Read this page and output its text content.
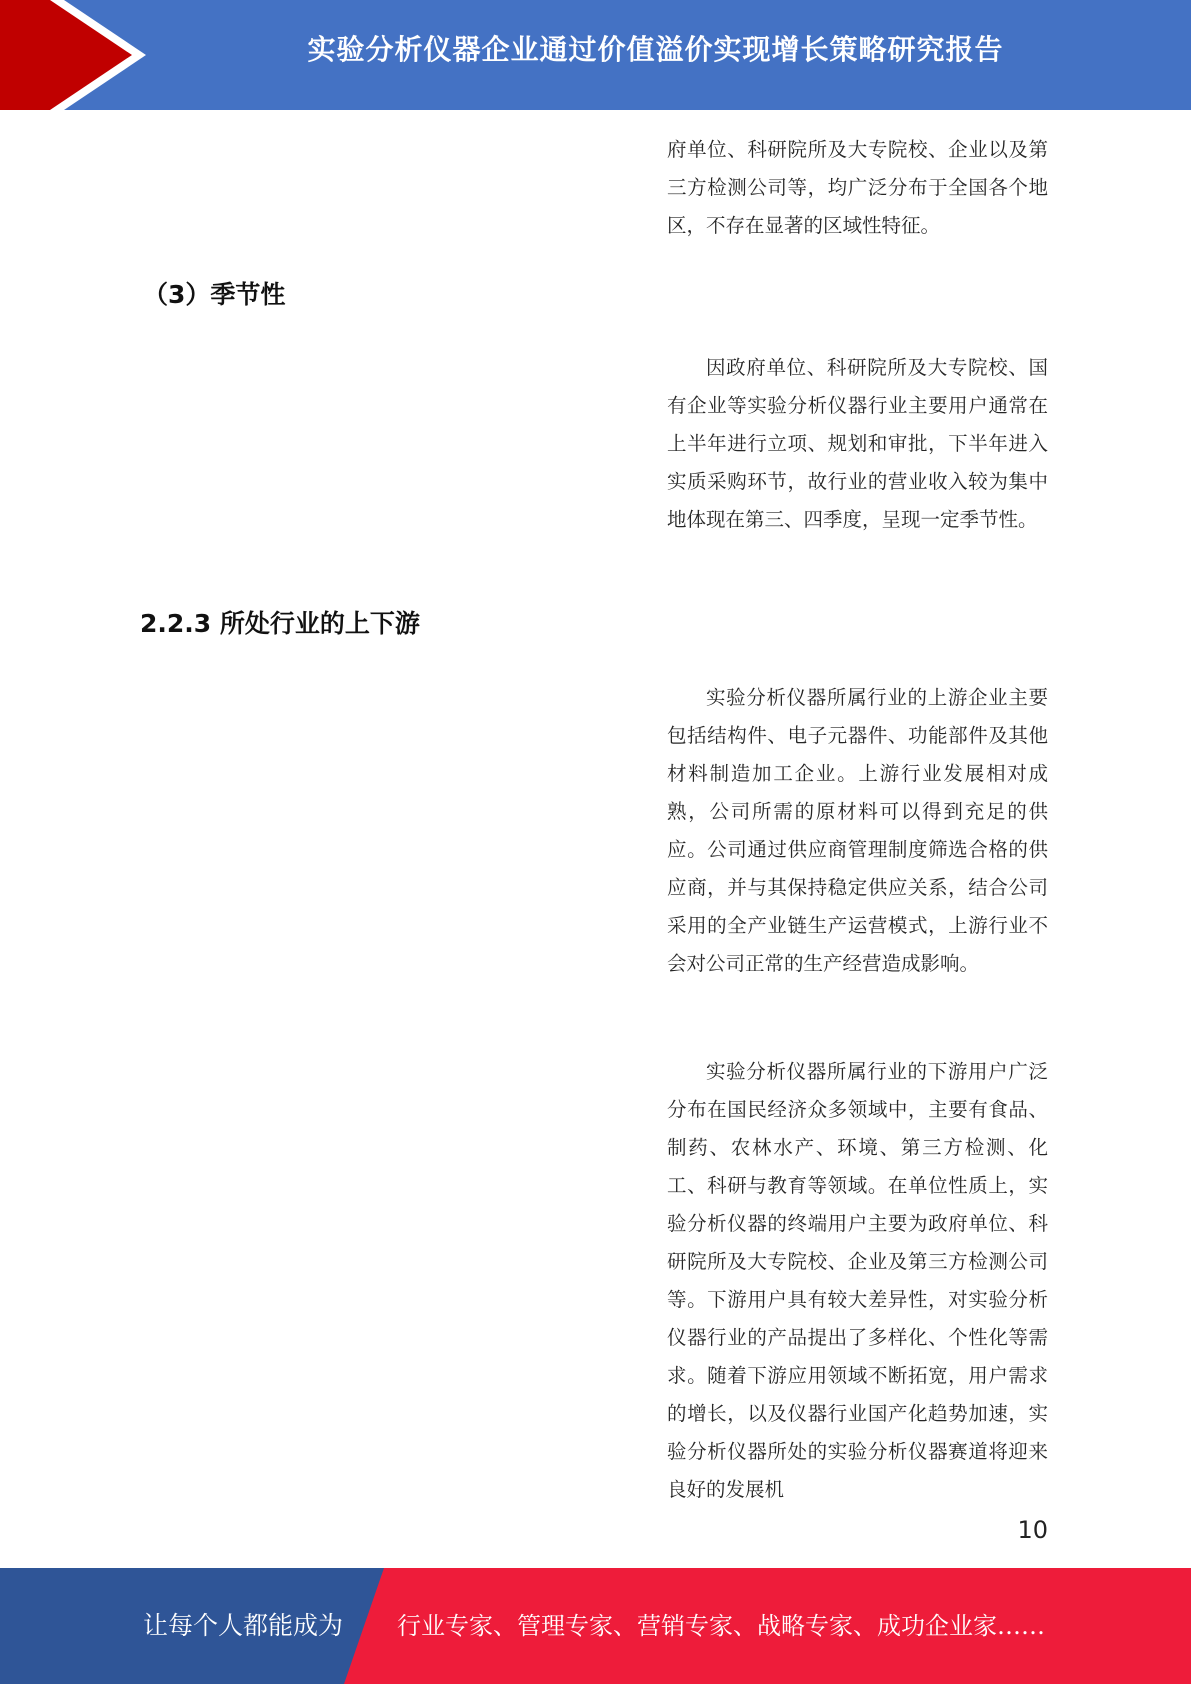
实验分析仪器企业通过价值溢价实现增长策略研究报告
府单位、科研院所及大专院校、企业以及第三方检测公司等，均广泛分布于全国各个地区，不存在显著的区域性特征。
（3）季节性
因政府单位、科研院所及大专院校、国有企业等实验分析仪器行业主要用户通常在上半年进行立项、规划和审批，下半年进入实质采购环节，故行业的营业收入较为集中地体现在第三、四季度，呈现一定季节性。
2.2.3 所处行业的上下游
实验分析仪器所属行业的上游企业主要包括结构件、电子元器件、功能部件及其他材料制造加工企业。上游行业发展相对成熟，公司所需的原材料可以得到充足的供应。公司通过供应商管理制度筛选合格的供应商，并与其保持稳定供应关系，结合公司采用的全产业链生产运营模式，上游行业不会对公司正常的生产经营造成影响。
实验分析仪器所属行业的下游用户广泛分布在国民经济众多领域中，主要有食品、制药、农林水产、环境、第三方检测、化工、科研与教育等领域。在单位性质上，实验分析仪器的终端用户主要为政府单位、科研院所及大专院校、企业及第三方检测公司等。下游用户具有较大差异性，对实验分析仪器行业的产品提出了多样化、个性化等需求。随着下游应用领域不断拓宽，用户需求的增长，以及仪器行业国产化趋势加速，实验分析仪器所处的实验分析仪器赛道将迎来良好的发展机
10
让每个人都能成为 行业专家、管理专家、营销专家、战略专家、成功企业家……
